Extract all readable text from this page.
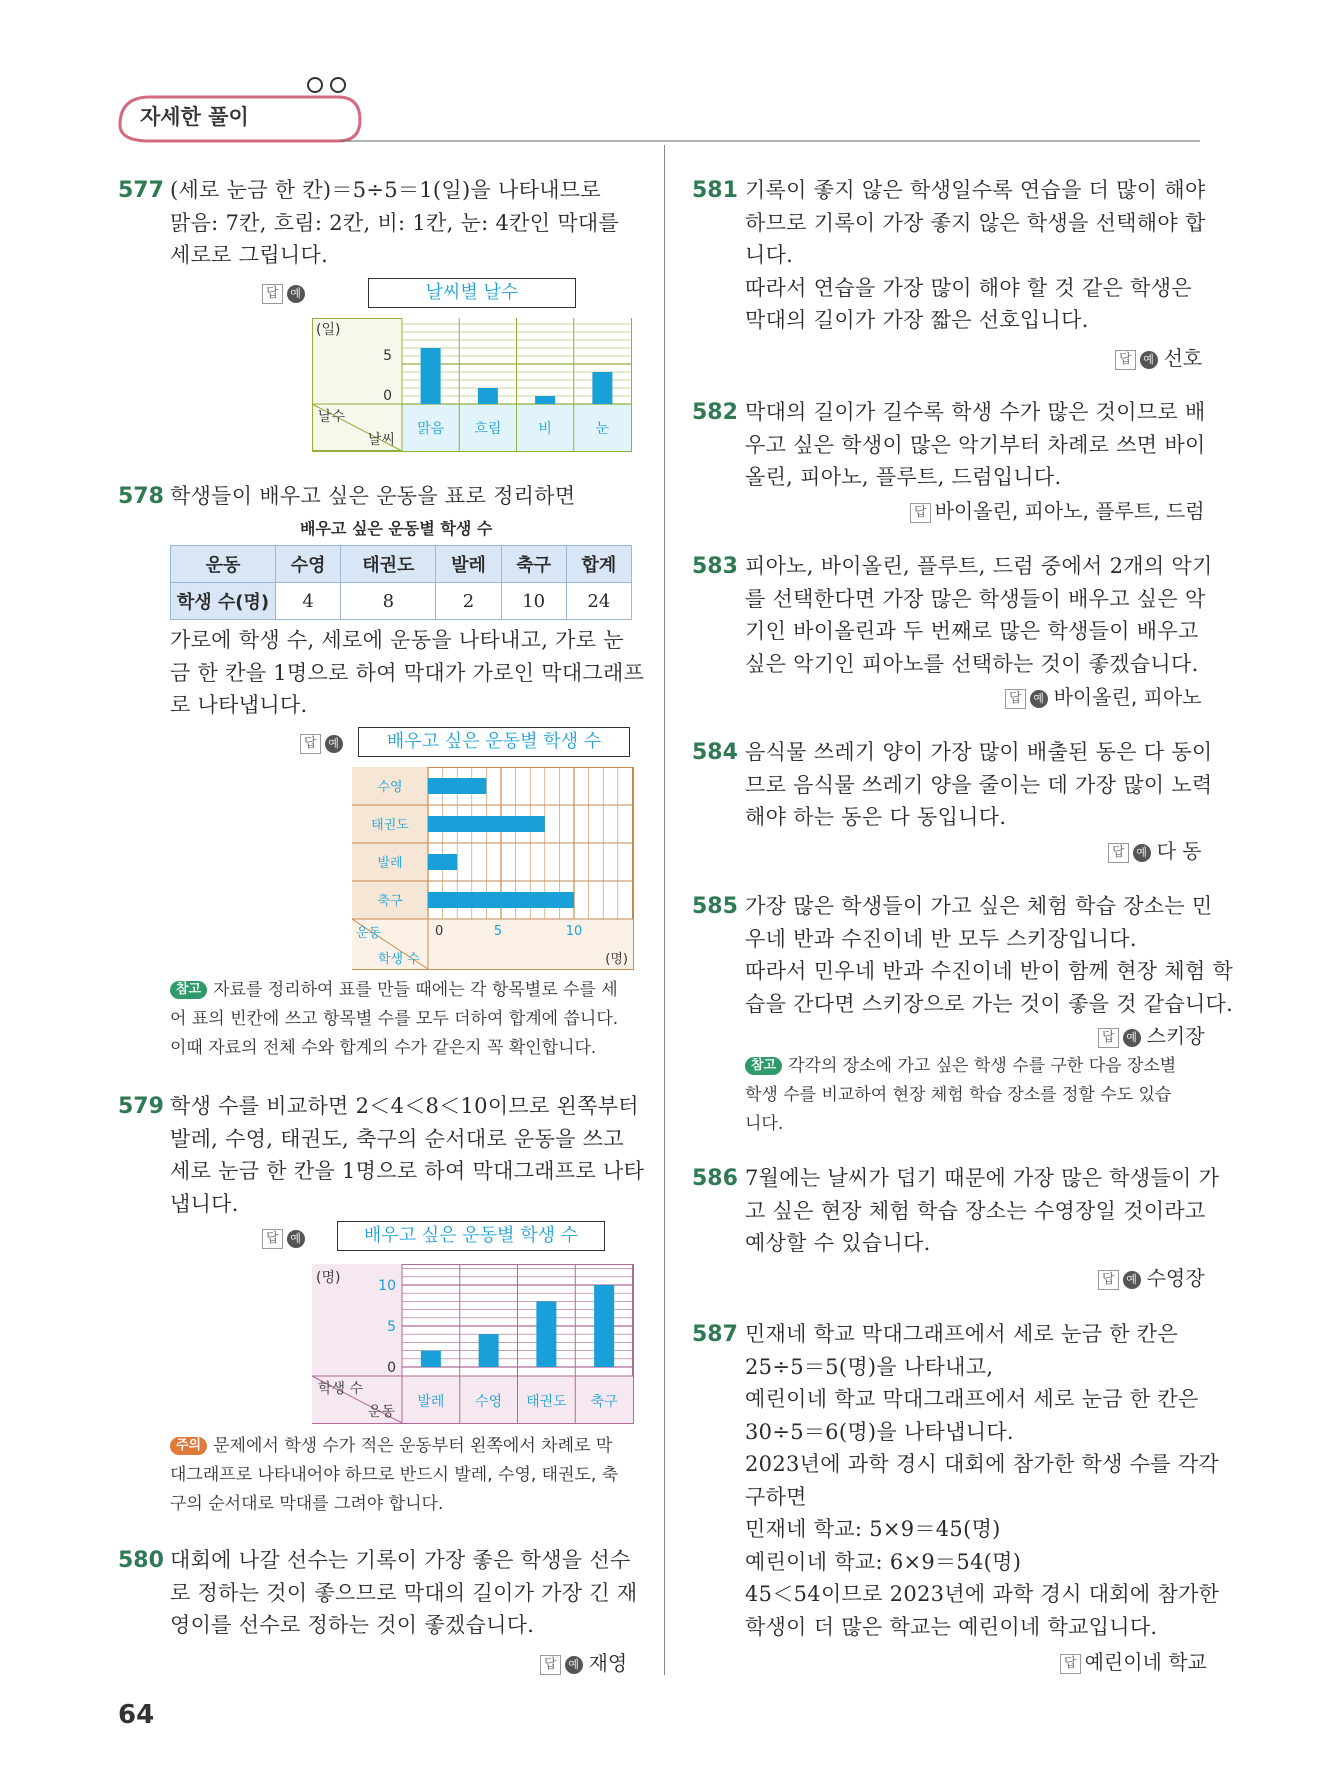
자세한 풀이
577 (세로 눈금 한 칸)＝5÷5＝1(일)을 나타내므로
맑음: 7칸, 흐림: 2칸, 비: 1칸, 눈: 4칸인 막대를
세로로 그립니다.
답 예	날씨별 날수
(일)
5
0
날수
날씨
맑음 흐림	비	눈
578 학생들이 배우고 싶은 운동을 표로 정리하면
배우고 싶은 운동별 학생 수
운동	수영	태권도	발레	축구	합계
학생 수(명)	4	8	2	10	24
가로에 학생 수, 세로에 운동을 나타내고, 가로 눈
금 한 칸을 1명으로 하여 막대가 가로인 막대그래프
로 나타냅니다.
답 예	배우고 싶은 운동별 학생 수
운동
학생 수
0	5	10
(명)
수영
태권도
발레
축구
참고 자료를 정리하여 표를 만들 때에는 각 항목별로 수를 세
어 표의 빈칸에 쓰고 항목별 수를 모두 더하여 합계에 씁니다.
이때 자료의 전체 수와 합계의 수가 같은지 꼭 확인합니다.
579 학생 수를 비교하면 2＜4＜8＜10이므로 왼쪽부터
발레, 수영, 태권도, 축구의 순서대로 운동을 쓰고
세로 눈금 한 칸을 1명으로 하여 막대그래프로 나타
냅니다.
답 예	배우고 싶은 운동별 학생 수
(명)	10
5
0
학생 수
운동
발레 수영 태권도 축구
주의 문제에서 학생 수가 적은 운동부터 왼쪽에서 차례로 막
대그래프로 나타내어야 하므로 반드시 발레, 수영, 태권도, 축
구의 순서대로 막대를 그려야 합니다.
580 대회에 나갈 선수는 기록이 가장 좋은 학생을 선수
로 정하는 것이 좋으므로 막대의 길이가 가장 긴 재
영이를 선수로 정하는 것이 좋겠습니다.
답 예 재영
64
581 기록이 좋지 않은 학생일수록 연습을 더 많이 해야
하므로 기록이 가장 좋지 않은 학생을 선택해야 합
니다.
따라서 연습을 가장 많이 해야 할 것 같은 학생은
막대의 길이가 가장 짧은 선호입니다.
답 예 선호
582 막대의 길이가 길수록 학생 수가 많은 것이므로 배
우고 싶은 학생이 많은 악기부터 차례로 쓰면 바이
올린, 피아노, 플루트, 드럼입니다.
답 바이올린, 피아노, 플루트, 드럼
583 피아노, 바이올린, 플루트, 드럼 중에서 2개의 악기
를 선택한다면 가장 많은 학생들이 배우고 싶은 악
기인 바이올린과 두 번째로 많은 학생들이 배우고
싶은 악기인 피아노를 선택하는 것이 좋겠습니다.
답 예 바이올린, 피아노
584 음식물 쓰레기 양이 가장 많이 배출된 동은 다 동이
므로 음식물 쓰레기 양을 줄이는 데 가장 많이 노력
해야 하는 동은 다 동입니다.
답 예 다 동
585 가장 많은 학생들이 가고 싶은 체험 학습 장소는 민
우네 반과 수진이네 반 모두 스키장입니다.
따라서 민우네 반과 수진이네 반이 함께 현장 체험 학
습을 간다면 스키장으로 가는 것이 좋을 것 같습니다.
답 예 스키장
참고 각각의 장소에 가고 싶은 학생 수를 구한 다음 장소별
학생 수를 비교하여 현장 체험 학습 장소를 정할 수도 있습
니다.
586 7월에는 날씨가 덥기 때문에 가장 많은 학생들이 가
고 싶은 현장 체험 학습 장소는 수영장일 것이라고
예상할 수 있습니다.
답 예 수영장
587 민재네 학교 막대그래프에서 세로 눈금 한 칸은
25÷5＝5(명)을 나타내고,
예린이네 학교 막대그래프에서 세로 눈금 한 칸은
30÷5＝6(명)을 나타냅니다.
2023년에 과학 경시 대회에 참가한 학생 수를 각각
구하면
민재네 학교: 5×9＝45(명)
예린이네 학교: 6×9＝54(명)
45＜54이므로 2023년에 과학 경시 대회에 참가한
학생이 더 많은 학교는 예린이네 학교입니다.
답 예린이네 학교
